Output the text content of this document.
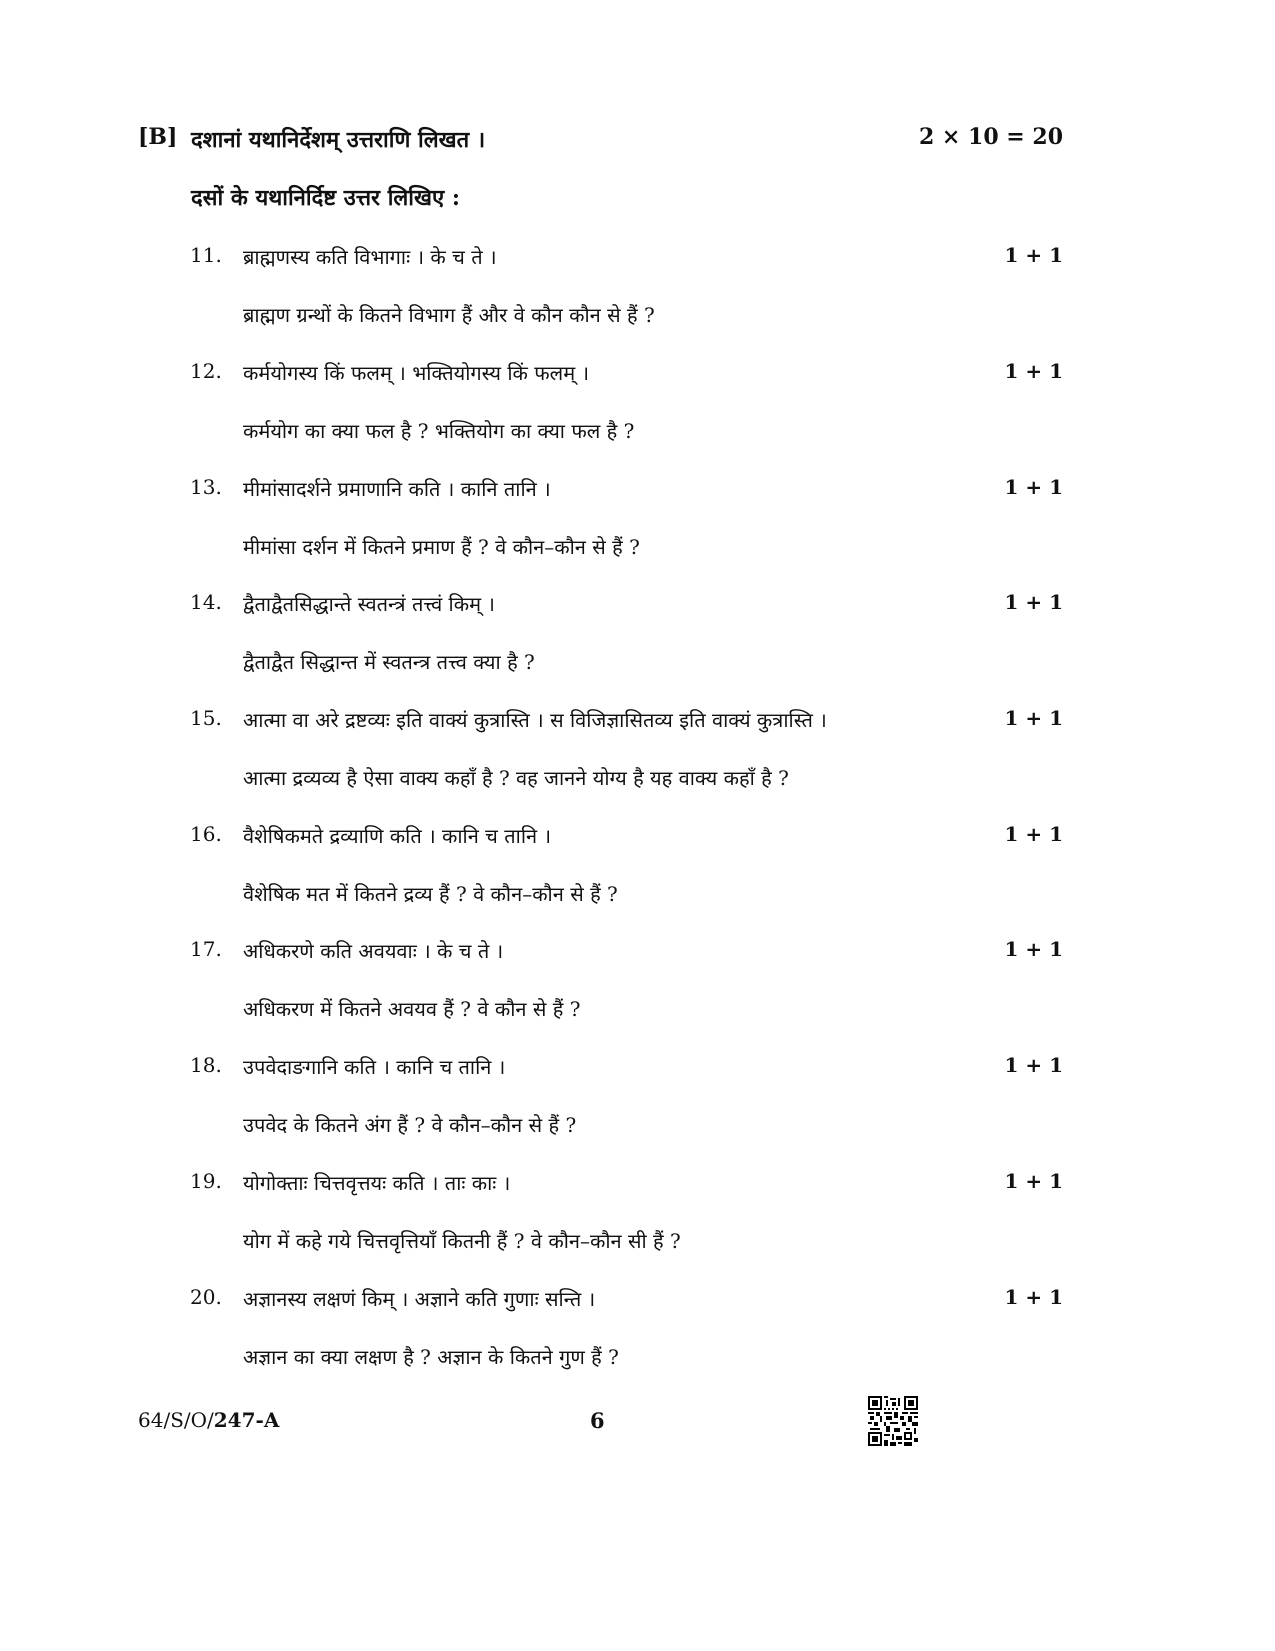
[B] दशानां यथानिर्देशम् उत्तराणि लिखत ।	2 × 10 = 20
दसों के यथानिर्दिष्ट उत्तर लिखिए :
11. ब्राह्मणस्य कति विभागाः । के च ते ।	1 + 1
ब्राह्मण ग्रन्थों के कितने विभाग हैं और वे कौन कौन से हैं ?
12. कर्मयोगस्य किं फलम् । भक्तियोगस्य किं फलम् ।	1 + 1
कर्मयोग का क्या फल है ? भक्तियोग का क्या फल है ?
13. मीमांसादर्शने प्रमाणानि कति । कानि तानि ।	1 + 1
मीमांसा दर्शन में कितने प्रमाण हैं ? वे कौन–कौन से हैं ?
14. द्वैताद्वैतसिद्धान्ते स्वतन्त्रं तत्त्वं किम् ।	1 + 1
द्वैताद्वैत सिद्धान्त में स्वतन्त्र तत्त्व क्या है ?
15. आत्मा वा अरे द्रष्टव्यः इति वाक्यं कुत्रास्ति । स विजिज्ञासितव्य इति वाक्यं कुत्रास्ति ।	1 + 1
आत्मा द्रव्यव्य है ऐसा वाक्य कहाँ है ? वह जानने योग्य है यह वाक्य कहाँ है ?
16. वैशेषिकमते द्रव्याणि कति । कानि च तानि ।	1 + 1
वैशेषिक मत में कितने द्रव्य हैं ? वे कौन–कौन से हैं ?
17. अधिकरणे कति अवयवाः । के च ते ।	1 + 1
अधिकरण में कितने अवयव हैं ? वे कौन से हैं ?
18. उपवेदाङगानि कति । कानि च तानि ।	1 + 1
उपवेद के कितने अंग हैं ? वे कौन–कौन से हैं ?
19. योगोक्ताः चित्तवृत्तयः कति । ताः काः ।	1 + 1
योग में कहे गये चित्तवृत्तियाँ कितनी हैं ? वे कौन–कौन सी हैं ?
20. अज्ञानस्य लक्षणं किम् । अज्ञाने कति गुणाः सन्ति ।	1 + 1
अज्ञान का क्या लक्षण है ? अज्ञान के कितने गुण हैं ?
64/S/O/247-A	6
